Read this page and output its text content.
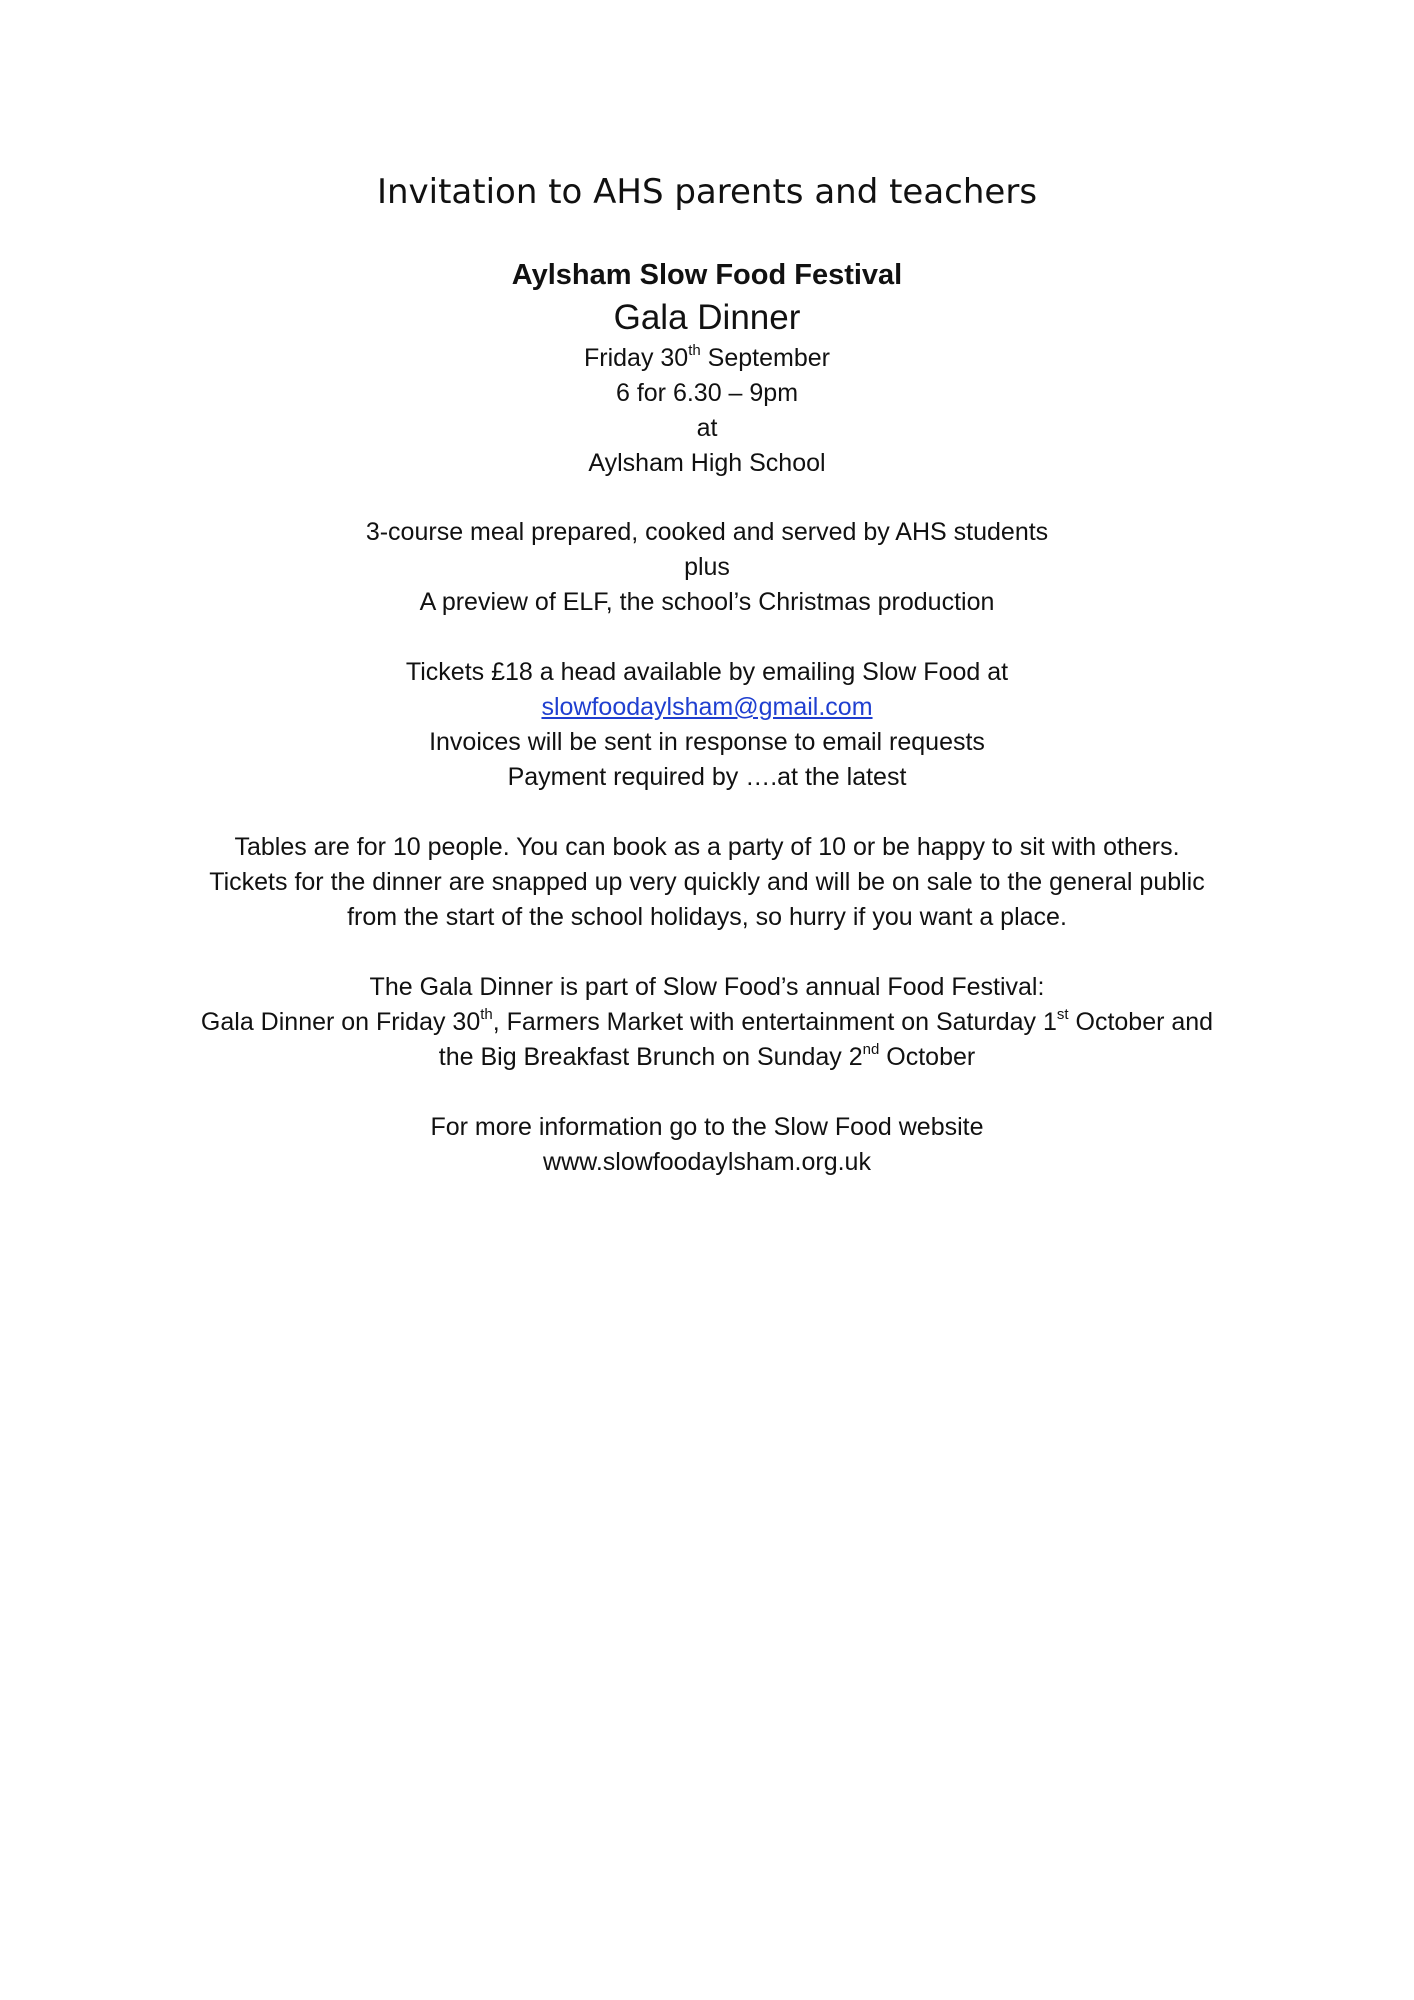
Invitation to AHS parents and teachers

Aylsham Slow Food Festival

Gala Dinner

Friday 30th September

6 for 6.30 – 9pm

at

Aylsham High School

3-course meal prepared, cooked and served by AHS students

plus

A preview of ELF, the school’s Christmas production

Tickets £18 a head available by emailing Slow Food at

slowfoodaylsham@gmail.com

Invoices will be sent in response to email requests

Payment required by ….at the latest

Tables are for 10 people. You can book as a party of 10 or be happy to sit with others.

Tickets for the dinner are snapped up very quickly and will be on sale to the general public

from the start of the school holidays, so hurry if you want a place.

The Gala Dinner is part of Slow Food’s annual Food Festival:

Gala Dinner on Friday 30th, Farmers Market with entertainment on Saturday 1st October and

the Big Breakfast Brunch on Sunday 2nd October

For more information go to the Slow Food website

www.slowfoodaylsham.org.uk
